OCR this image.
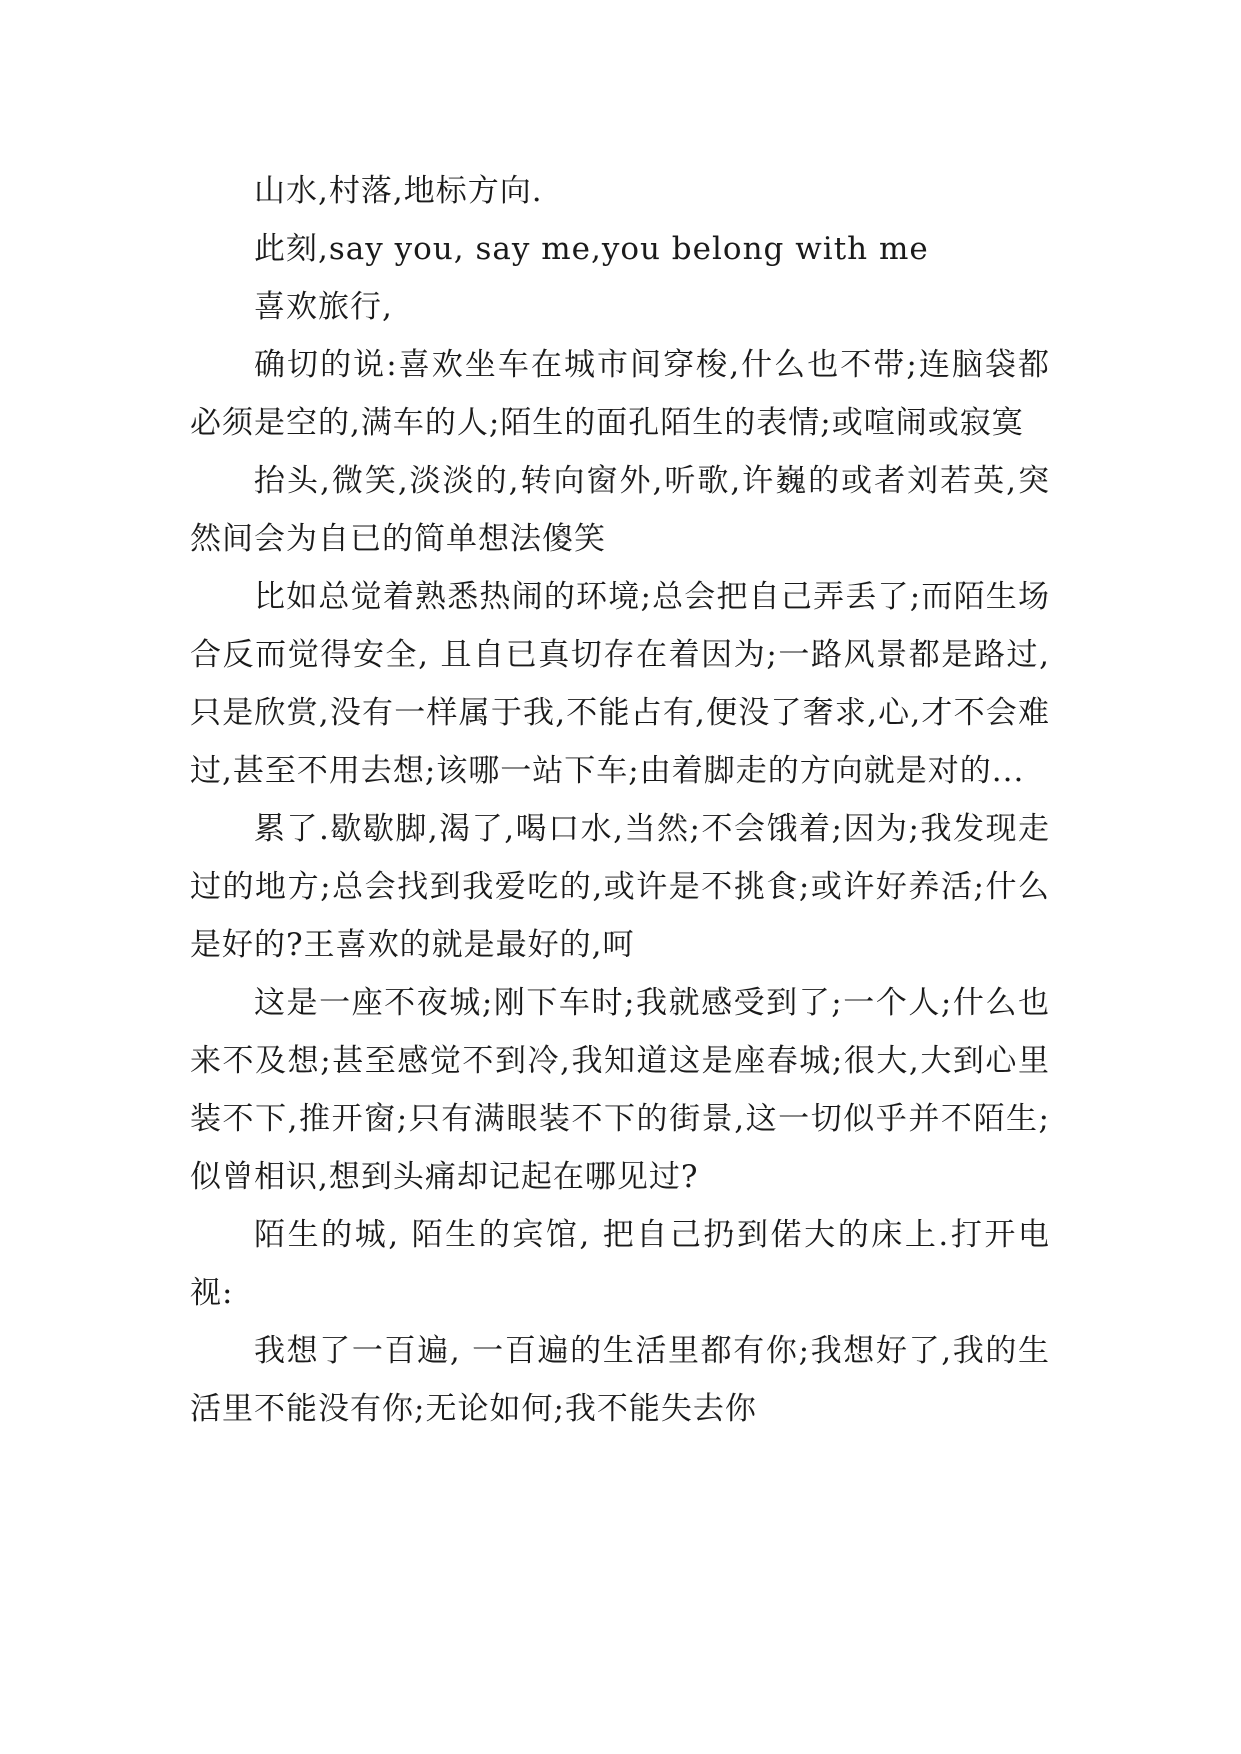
山水,村落,地标方向.

此刻,say you, say me,you belong with me

喜欢旅行,

确切的说:喜欢坐车在城市间穿梭,什么也不带;连脑袋都必须是空的,满车的人;陌生的面孔陌生的表情;或喧闹或寂寞

抬头,微笑,淡淡的,转向窗外,听歌,许巍的或者刘若英,突然间会为自已的简单想法傻笑

比如总觉着熟悉热闹的环境;总会把自己弄丢了;而陌生场合反而觉得安全, 且自已真切存在着因为;一路风景都是路过,只是欣赏,没有一样属于我,不能占有,便没了奢求,心,才不会难过,甚至不用去想;该哪一站下车;由着脚走的方向就是对的...

累了.歇歇脚,渴了,喝口水,当然;不会饿着;因为;我发现走过的地方;总会找到我爱吃的,或许是不挑食;或许好养活;什么是好的?王喜欢的就是最好的,呵

这是一座不夜城;刚下车时;我就感受到了;一个人;什么也来不及想;甚至感觉不到冷,我知道这是座春城;很大,大到心里装不下,推开窗;只有满眼装不下的街景,这一切似乎并不陌生;似曾相识,想到头痛却记起在哪见过?

陌生的城, 陌生的宾馆, 把自己扔到偌大的床上.打开电视:

我想了一百遍, 一百遍的生活里都有你;我想好了,我的生活里不能没有你;无论如何;我不能失去你
